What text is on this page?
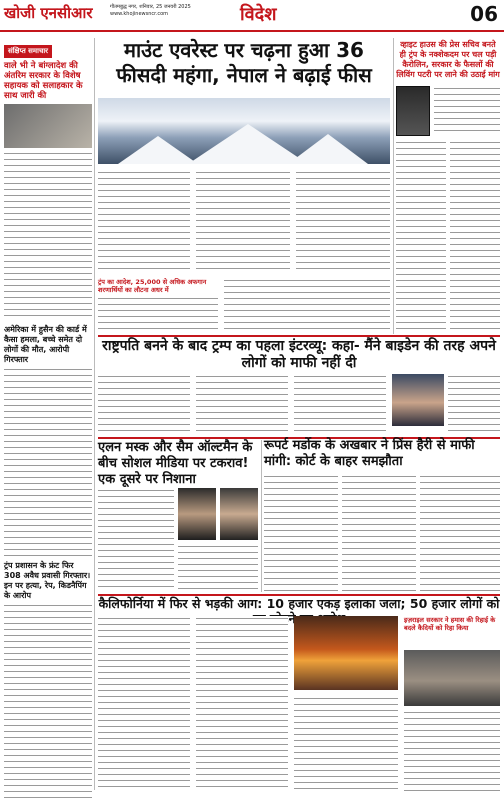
खोजी एनसीआर	गौतमबुद्ध नगर, शनिवार, 25 जनवरी 2025
www.khojinewsncr.com	विदेश	06
संक्षिप्त समाचार
वाले भी ने बांग्लादेश की अंतरिम सरकार के विशेष सहायक को सलाहकार के साथ जारी की
अमेरिका में हुसैन की कार्ड में कैसा हमला, बच्चे समेत दो लोगों की मौत, आरोपी गिरफ्तार
ट्रंप प्रशासन के फ्रंट फिर 308 अवैध प्रवासी गिरफ्तार। इन पर हत्या, रेप, किडनैपिंग के आरोप
माउंट एवरेस्ट पर चढ़ना हुआ 36 फीसदी महंगा, नेपाल ने बढ़ाई फीस
व्हाइट हाउस की प्रेस सचिव बनते ही ट्रंप के नक्शेकदम पर चल पड़ी कैरोलिन, सरकार के फैसलों की लिविंग पटरी पर लाने की उठाई मांग
ट्रंप का आदेश, 25,000 से अधिक अफगान शरणार्थियों का लौटना अधर में
राष्ट्रपति बनने के बाद ट्रम्प का पहला इंटरव्यू: कहा- मैंने बाइडेन की तरह अपने लोगों को माफी नहीं दी
एलन मस्क और सैम ऑल्टमैन के बीच सोशल मीडिया पर टकराव! एक दूसरे पर निशाना
रूपर्ट मर्डोक के अखबार ने प्रिंस हैरी से माफी मांगी: कोर्ट के बाहर समझौता
कैलिफोर्निया में फिर से भड़की आग: 10 हजार एकड़ इलाका जला; 50 हजार लोगों को
इज़राइल सरकार ने हमास की रिहाई के बदले कैदियों को रिहा किया
